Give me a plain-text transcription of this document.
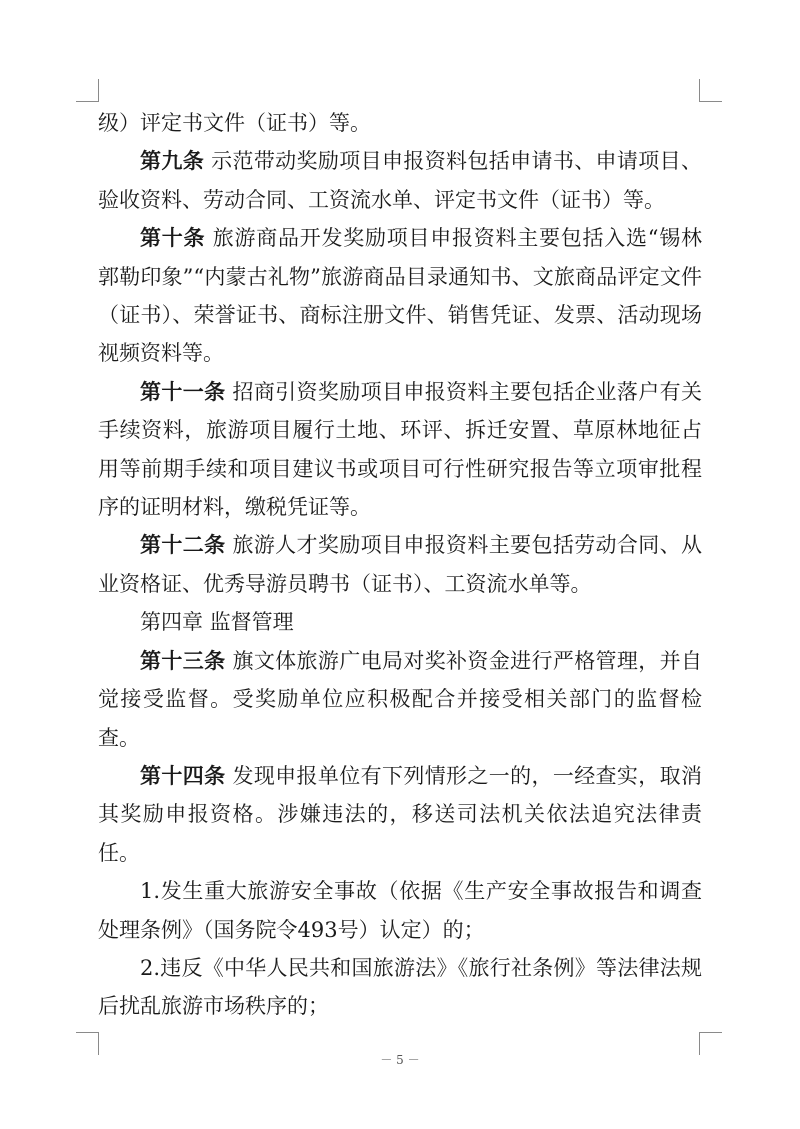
级）评定书文件（证书）等。

第九条 示范带动奖励项目申报资料包括申请书、申请项目、验收资料、劳动合同、工资流水单、评定书文件（证书）等。

第十条 旅游商品开发奖励项目申报资料主要包括入选“锡林郭勒印象”“内蒙古礼物”旅游商品目录通知书、文旅商品评定文件（证书）、荣誉证书、商标注册文件、销售凭证、发票、活动现场视频资料等。

第十一条 招商引资奖励项目申报资料主要包括企业落户有关手续资料，旅游项目履行土地、环评、拆迁安置、草原林地征占用等前期手续和项目建议书或项目可行性研究报告等立项审批程序的证明材料，缴税凭证等。

第十二条 旅游人才奖励项目申报资料主要包括劳动合同、从业资格证、优秀导游员聘书（证书）、工资流水单等。

第四章 监督管理

第十三条 旗文体旅游广电局对奖补资金进行严格管理，并自觉接受监督。受奖励单位应积极配合并接受相关部门的监督检查。

第十四条 发现申报单位有下列情形之一的，一经查实，取消其奖励申报资格。涉嫌违法的，移送司法机关依法追究法律责任。

1.发生重大旅游安全事故（依据《生产安全事故报告和调查处理条例》（国务院令493号）认定）的；

2.违反《中华人民共和国旅游法》《旅行社条例》等法律法规后扰乱旅游市场秩序的；

－ 5 －
